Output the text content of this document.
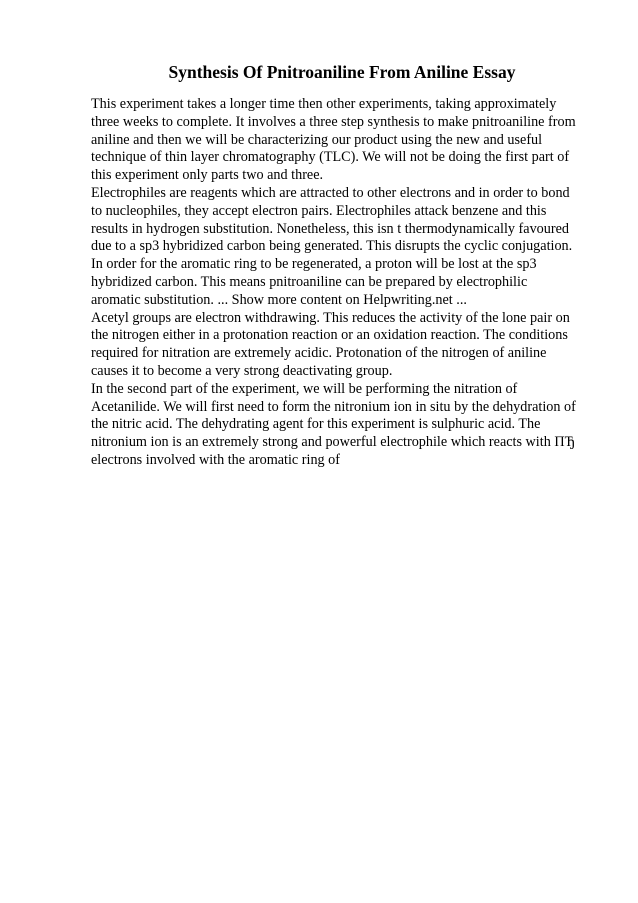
Synthesis Of Pnitroaniline From Aniline Essay
This experiment takes a longer time then other experiments, taking approximately
three weeks to complete. It involves a three step synthesis to make pnitroaniline from
aniline and then we will be characterizing our product using the new and useful
technique of thin layer chromatography (TLC). We will not be doing the first part of
this experiment only parts two and three.
Electrophiles are reagents which are attracted to other electrons and in order to bond
to nucleophiles, they accept electron pairs. Electrophiles attack benzene and this
results in hydrogen substitution. Nonetheless, this isn t thermodynamically favoured
due to a sp3 hybridized carbon being generated. This disrupts the cyclic conjugation.
In order for the aromatic ring to be regenerated, a proton will be lost at the sp3
hybridized carbon. This means pnitroaniline can be prepared by electrophilic
aromatic substitution. ... Show more content on Helpwriting.net ...
Acetyl groups are electron withdrawing. This reduces the activity of the lone pair on
the nitrogen either in a protonation reaction or an oxidation reaction. The conditions
required for nitration are extremely acidic. Protonation of the nitrogen of aniline
causes it to become a very strong deactivating group.
In the second part of the experiment, we will be performing the nitration of
Acetanilide. We will first need to form the nitronium ion in situ by the dehydration of
the nitric acid. The dehydrating agent for this experiment is sulphuric acid. The
nitronium ion is an extremely strong and powerful electrophile which reacts with ПЂ
electrons involved with the aromatic ring of
